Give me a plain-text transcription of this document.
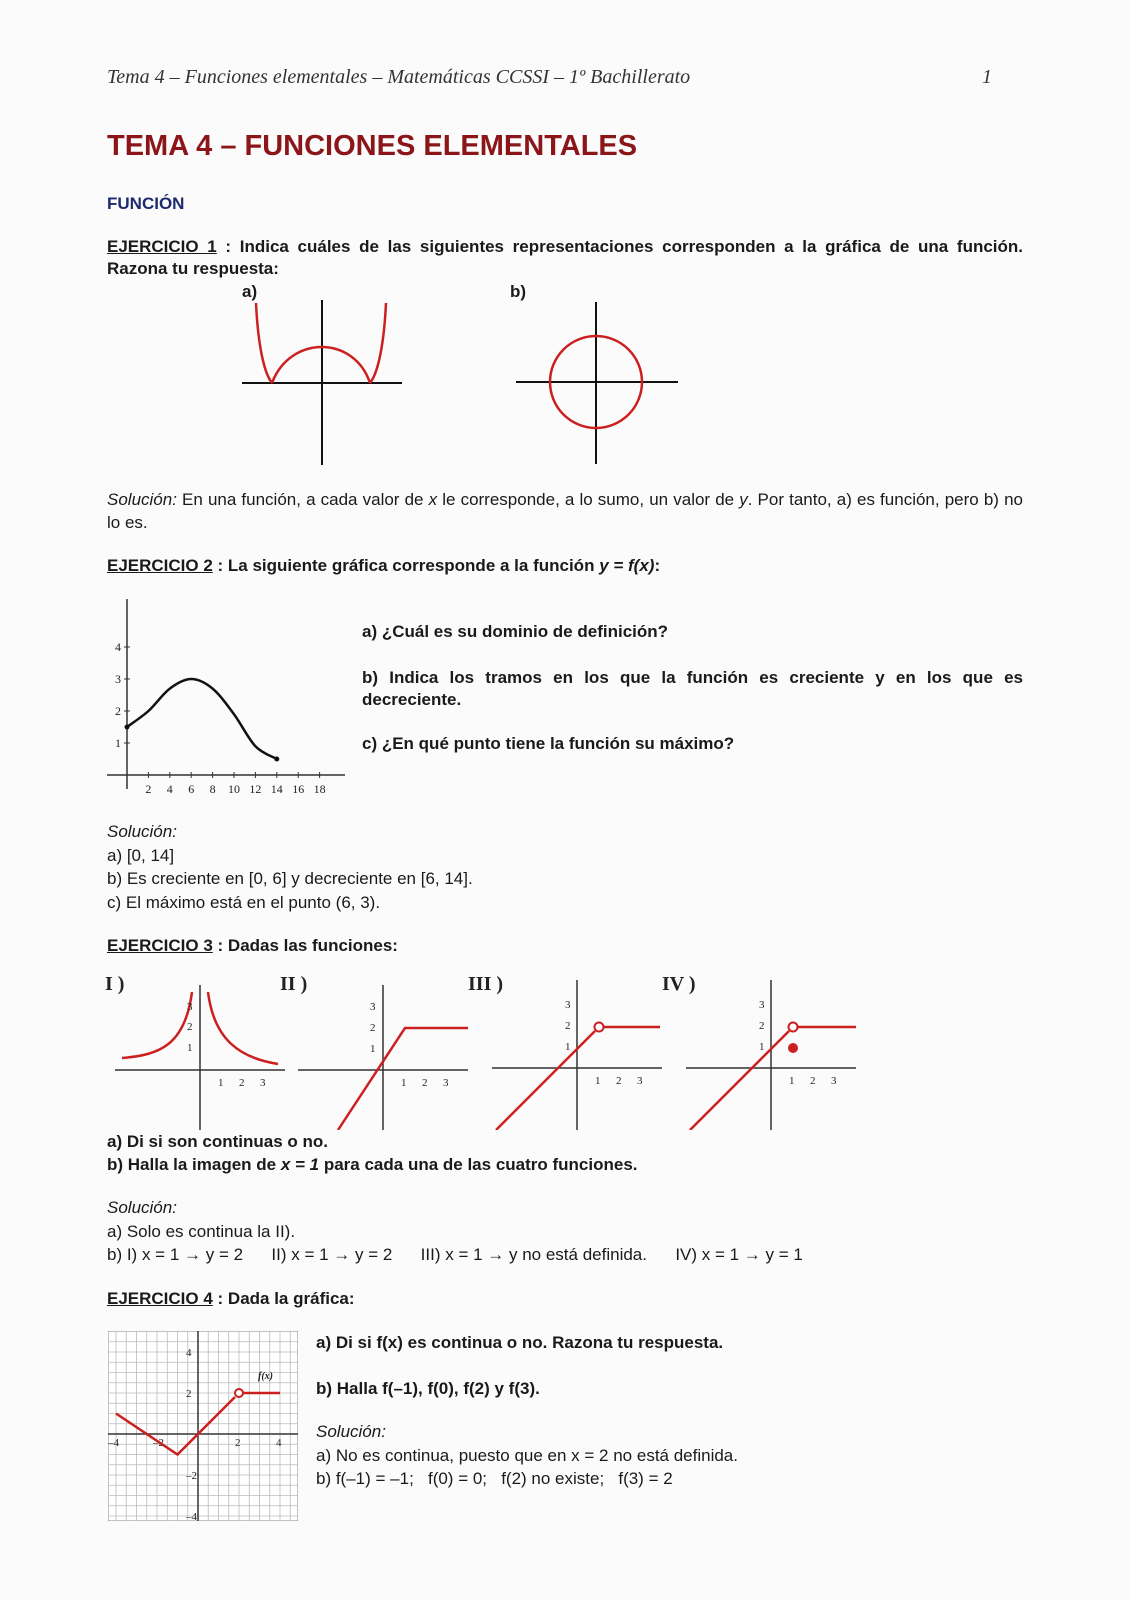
Tema 4 – Funciones elementales – Matemáticas CCSSI – 1º Bachillerato	1
TEMA 4 – FUNCIONES ELEMENTALES
FUNCIÓN
EJERCICIO 1 : Indica cuáles de las siguientes representaciones corresponden a la gráfica de una función. Razona tu respuesta:
a)	b)
Solución: En una función, a cada valor de x le corresponde, a lo sumo, un valor de y. Por tanto, a) es función, pero b) no lo es.
EJERCICIO 2 : La siguiente gráfica corresponde a la función y = f(x):
2 4 6 8 10 12 14 16 18
1
2
3
4
a) ¿Cuál es su dominio de definición?
b) Indica los tramos en los que la función es creciente y en los que es decreciente.
c) ¿En qué punto tiene la función su máximo?
Solución:
a) [0, 14]
b) Es creciente en [0, 6] y decreciente en [6, 14].
c) El máximo está en el punto (6, 3).
EJERCICIO 3 : Dadas las funciones:
I )	II )	III )	IV )
3
2
1
1 2 3
3
2
1
1 2 3
3
2
1
1 2 3
3
2
1
1 2 3
a) Di si son continuas o no.
b) Halla la imagen de x = 1 para cada una de las cuatro funciones.
Solución:
a) Solo es continua la II).
b) I) x = 1 → y = 2      II) x = 1 → y = 2      III) x = 1 → y no está definida.      IV) x = 1 → y = 1
EJERCICIO 4 : Dada la gráfica:
–4	–2	2	4
4
2
–2
–4
f(x)
a) Di si f(x) es continua o no. Razona tu respuesta.
b) Halla f(–1), f(0), f(2) y f(3).
Solución:
a) No es continua, puesto que en x = 2 no está definida.
b) f(–1) = –1;   f(0) = 0;   f(2) no existe;   f(3) = 2
